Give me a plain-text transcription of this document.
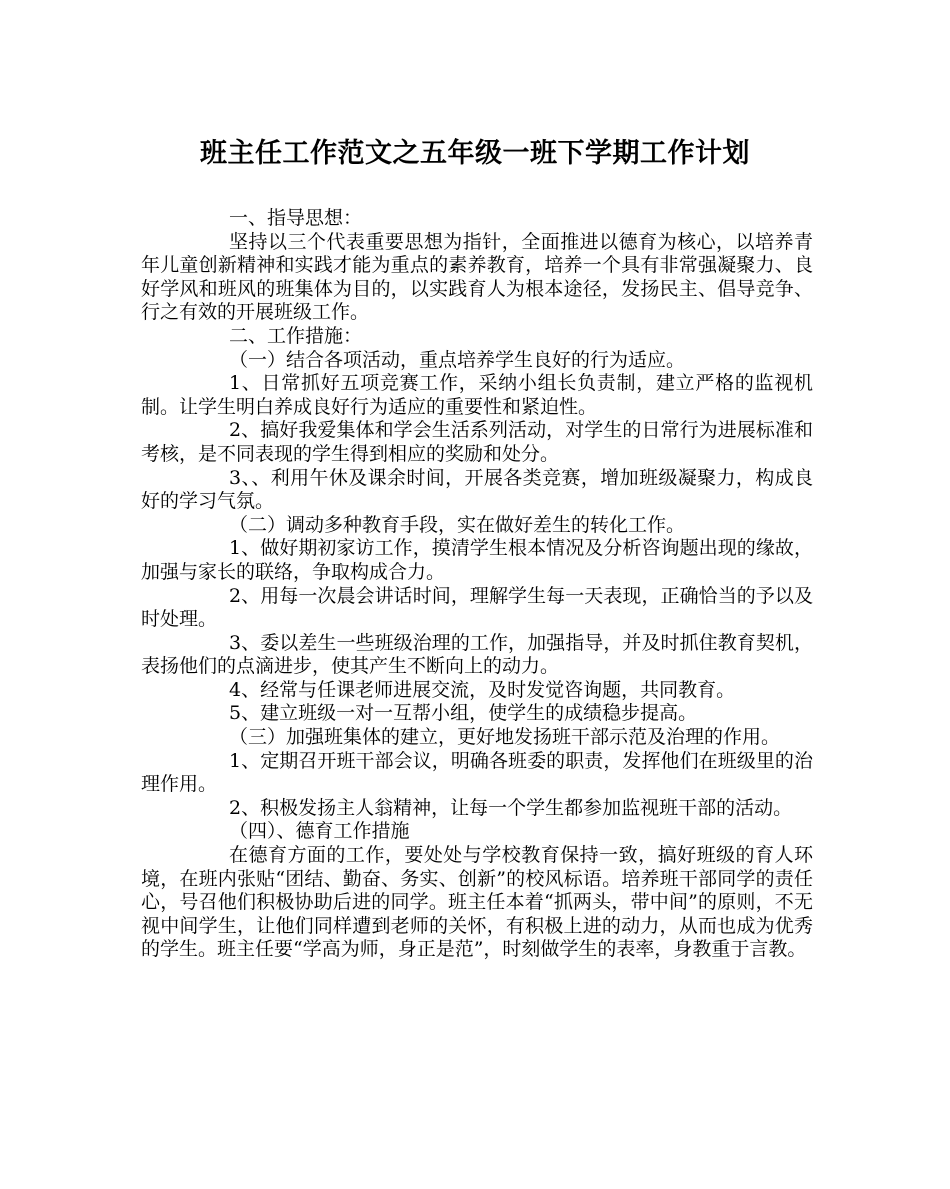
班主任工作范文之五年级一班下学期工作计划

一、指导思想：

坚持以三个代表重要思想为指针，全面推进以德育为核心，以培养青年儿童创新精神和实践才能为重点的素养教育，培养一个具有非常强凝聚力、良好学风和班风的班集体为目的，以实践育人为根本途径，发扬民主、倡导竞争、行之有效的开展班级工作。

二、工作措施：

（一）结合各项活动，重点培养学生良好的行为适应。

1、日常抓好五项竞赛工作，采纳小组长负责制，建立严格的监视机制。让学生明白养成良好行为适应的重要性和紧迫性。

2、搞好我爱集体和学会生活系列活动，对学生的日常行为进展标准和考核，是不同表现的学生得到相应的奖励和处分。

3、、利用午休及课余时间，开展各类竞赛，增加班级凝聚力，构成良好的学习气氛。

（二）调动多种教育手段，实在做好差生的转化工作。

1、做好期初家访工作，摸清学生根本情况及分析咨询题出现的缘故，加强与家长的联络，争取构成合力。

2、用每一次晨会讲话时间，理解学生每一天表现，正确恰当的予以及时处理。

3、委以差生一些班级治理的工作，加强指导，并及时抓住教育契机，表扬他们的点滴进步，使其产生不断向上的动力。

4、经常与任课老师进展交流，及时发觉咨询题，共同教育。

5、建立班级一对一互帮小组，使学生的成绩稳步提高。

（三）加强班集体的建立，更好地发扬班干部示范及治理的作用。

1、定期召开班干部会议，明确各班委的职责，发挥他们在班级里的治理作用。

2、积极发扬主人翁精神，让每一个学生都参加监视班干部的活动。

（四）、德育工作措施

在德育方面的工作，要处处与学校教育保持一致，搞好班级的育人环境，在班内张贴“团结、勤奋、务实、创新”的校风标语。培养班干部同学的责任心，号召他们积极协助后进的同学。班主任本着“抓两头，带中间”的原则，不无视中间学生，让他们同样遭到老师的关怀，有积极上进的动力，从而也成为优秀的学生。班主任要“学高为师，身正是范”，时刻做学生的表率，身教重于言教。
